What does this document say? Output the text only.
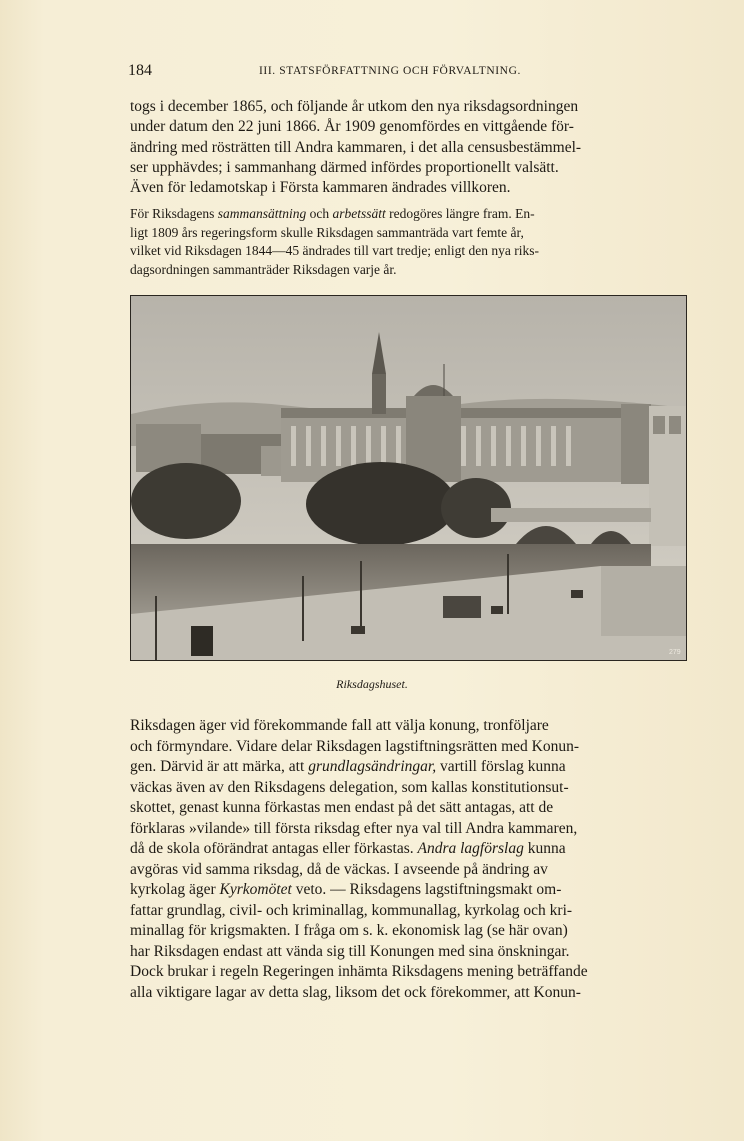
184	III. STATSFÖRFATTNING OCH FÖRVALTNING.

togs i december 1865, och följande år utkom den nya riksdagsordningen
under datum den 22 juni 1866. År 1909 genomfördes en vittgående för-
ändring med rösträtten till Andra kammaren, i det alla censusbestämmel-
ser upphävdes; i sammanhang därmed infördes proportionellt valsätt.
Även för ledamotskap i Första kammaren ändrades villkoren.

För Riksdagens sammansättning och arbetssätt redogöres längre fram. En-
ligt 1809 års regeringsform skulle Riksdagen sammanträda vart femte år,
vilket vid Riksdagen 1844—45 ändrades till vart tredje; enligt den nya riks-
dagsordningen sammanträder Riksdagen varje år.

279
Riksdagshuset.

Riksdagen äger vid förekommande fall att välja konung, tronföljare
och förmyndare. Vidare delar Riksdagen lagstiftningsrätten med Konun-
gen. Därvid är att märka, att grundlagsändringar, vartill förslag kunna
väckas även av den Riksdagens delegation, som kallas konstitutionsut-
skottet, genast kunna förkastas men endast på det sätt antagas, att de
förklaras »vilande» till första riksdag efter nya val till Andra kammaren,
då de skola oförändrat antagas eller förkastas. Andra lagförslag kunna
avgöras vid samma riksdag, då de väckas. I avseende på ändring av
kyrkolag äger Kyrkomötet veto. — Riksdagens lagstiftningsmakt om-
fattar grundlag, civil- och kriminallag, kommunallag, kyrkolag och kri-
minallag för krigsmakten. I fråga om s. k. ekonomisk lag (se här ovan)
har Riksdagen endast att vända sig till Konungen med sina önskningar.
Dock brukar i regeln Regeringen inhämta Riksdagens mening beträffande
alla viktigare lagar av detta slag, liksom det ock förekommer, att Konun-
